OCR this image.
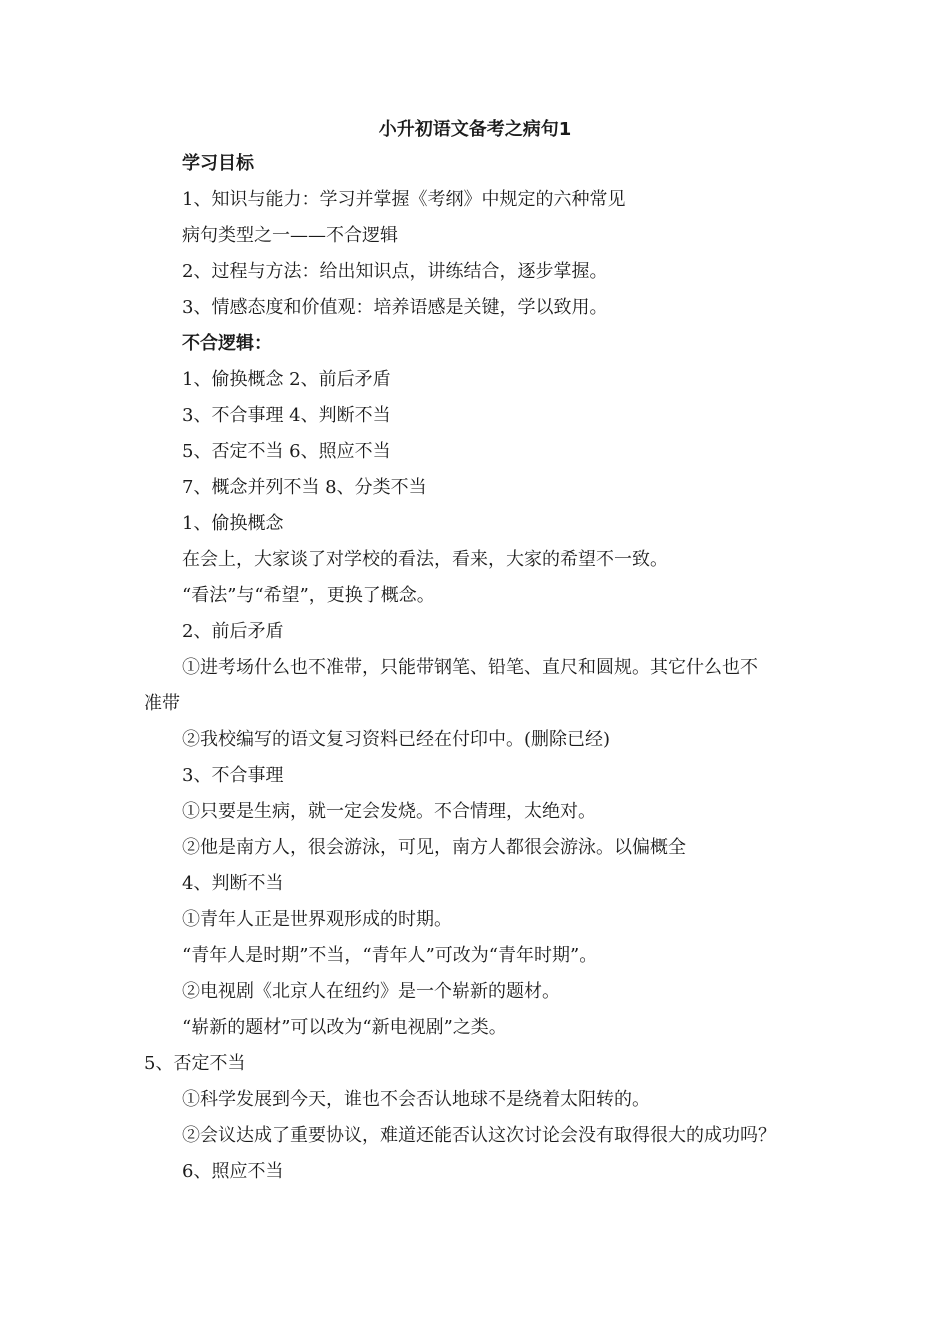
小升初语文备考之病句1
学习目标
1、知识与能力：学习并掌握《考纲》中规定的六种常见
病句类型之一——不合逻辑
2、过程与方法：给出知识点，讲练结合，逐步掌握。
3、情感态度和价值观：培养语感是关键，学以致用。
不合逻辑：
1、偷换概念 2、前后矛盾
3、不合事理 4、判断不当
5、否定不当 6、照应不当
7、概念并列不当 8、分类不当
1、偷换概念
在会上，大家谈了对学校的看法，看来，大家的希望不一致。
“看法”与“希望”，更换了概念。
2、前后矛盾
①进考场什么也不准带，只能带钢笔、铅笔、直尺和圆规。其它什么也不
准带
②我校编写的语文复习资料已经在付印中。(删除已经)
3、不合事理
①只要是生病，就一定会发烧。不合情理，太绝对。
②他是南方人，很会游泳，可见，南方人都很会游泳。以偏概全
4、判断不当
①青年人正是世界观形成的时期。
“青年人是时期”不当，“青年人”可改为“青年时期”。
②电视剧《北京人在纽约》是一个崭新的题材。
“崭新的题材”可以改为“新电视剧”之类。
5、否定不当
①科学发展到今天，谁也不会否认地球不是绕着太阳转的。
②会议达成了重要协议，难道还能否认这次讨论会没有取得很大的成功吗？
6、照应不当
